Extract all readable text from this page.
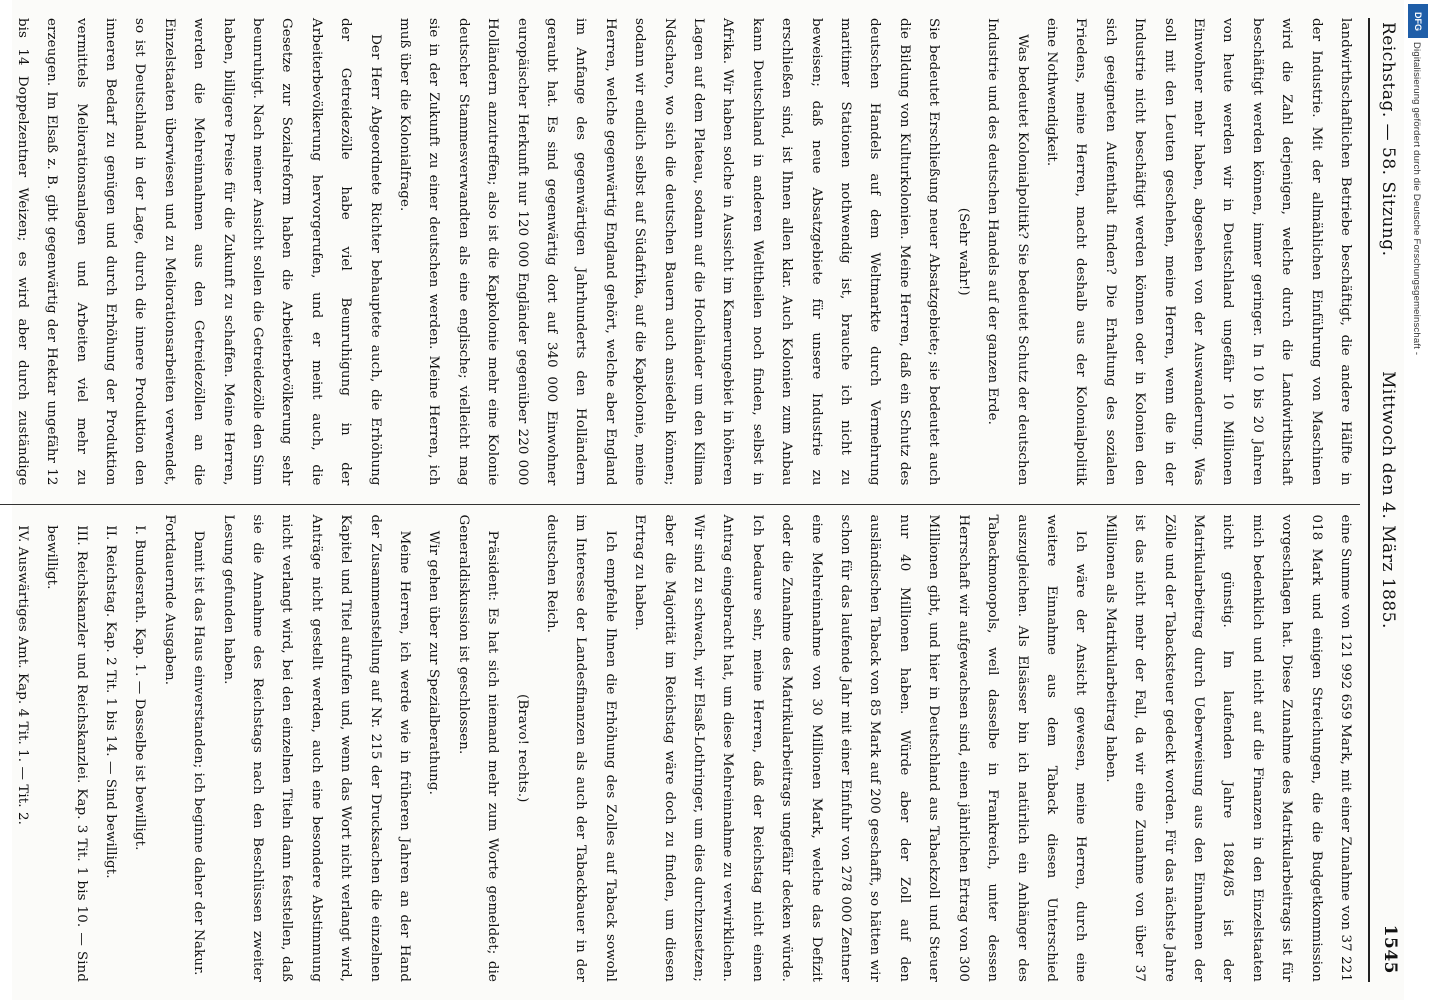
Reichstag. — 58. Sitzung.
Mittwoch den 4. März 1885.
1545

landwirthschaftlichen Betriebe beschäftigt, die andere Hälfte in der Industrie. Mit der allmählichen Einführung von Maschinen wird die Zahl derjenigen, welche durch die Landwirthschaft beschäftigt werden können, immer geringer. In 10 bis 20 Jahren von heute werden wir in Deutschland ungefähr 10 Millionen Einwohner mehr haben, abgesehen von der Auswanderung. Was soll mit den Leuten geschehen, meine Herren, wenn die in der Industrie nicht beschäftigt werden können oder in Kolonien den sich geeigneten Aufenthalt finden? Die Erhaltung des sozialen Friedens, meine Herren, macht deshalb aus der Kolonialpolitik eine Nothwendigkeit.

Was bedeutet Kolonialpolitik? Sie bedeutet Schutz der deutschen Industrie und des deutschen Handels auf der ganzen Erde.

(Sehr wahr!)

Sie bedeutet Erschließung neuer Absatzgebiete; sie bedeutet auch die Bildung von Kulturkolonien. Meine Herren, daß ein Schutz des deutschen Handels auf dem Weltmarkte durch Vermehrung maritimer Stationen nothwendig ist, brauche ich nicht zu beweisen; daß neue Absatzgebiete für unsere Industrie zu erschließen sind, ist Ihnen allen klar. Auch Kolonien zum Anbau kann Deutschland in anderen Welttheilen noch finden, selbst in Afrika. Wir haben solche in Aussicht im Kamerungebiet in höheren Lagen auf dem Plateau, sodann auf die Hochländer um den Kilima Ndscharo, wo sich die deutschen Bauern auch ansiedeln können; sodann wir endlich selbst auf Südafrika, auf die Kapkolonie, meine Herren, welche gegenwärtig England gehört, welche aber England im Anfange des gegenwärtigen Jahrhunderts den Holländern geraubt hat. Es sind gegenwärtig dort auf 340 000 Einwohner europäischer Herkunft nur 120 000 Engländer gegenüber 220 000 Holländern anzutreffen; also ist die Kapkolonie mehr eine Kolonie deutscher Stammesverwandten als eine englische; vielleicht mag sie in der Zukunft zu einer deutschen werden. Meine Herren, ich muß über die Kolonialfrage.

Der Herr Abgeordnete Richter behauptete auch, die Erhöhung der Getreidezölle habe viel Beunruhigung in der Arbeiterbevölkerung hervorgerufen, und er meint auch, die Gesetze zur Sozialreform haben die Arbeiterbevölkerung sehr beunruhigt. Nach meiner Ansicht sollen die Getreidezölle den Sinn haben, billigere Preise für die Zukunft zu schaffen. Meine Herren, werden die Mehreinnahmen aus den Getreidezöllen an die Einzelstaaten überwiesen und zu Meliorationsarbeiten verwendet, so ist Deutschland in der Lage, durch die innere Produktion den inneren Bedarf zu genügen und durch Erhöhung der Produktion vermittels Meliorationsanlagen und Arbeiten viel mehr zu erzeugen. Im Elsaß z. B. gibt gegenwärtig der Hektar ungefähr 12 bis 14 Doppelzentner Weizen; es wird aber durch zuständige

eine Summe von 121 992 659 Mark, mit einer Zunahme von 37 221 018 Mark und einigen Streichungen, die die Budgetkommission vorgeschlagen hat. Diese Zunahme des Matrikularbeitrags ist für mich bedenklich und nicht auf die Finanzen in den Einzelstaaten nicht günstig. Im laufenden Jahre 1884/85 ist der Matrikularbeitrag durch Ueberweisung aus den Einnahmen der Zölle und der Tabacksteuer gedeckt worden. Für das nächste Jahre ist das nicht mehr der Fall, da wir eine Zunahme von über 37 Millionen als Matrikularbeitrag haben.

Ich wäre der Ansicht gewesen, meine Herren, durch eine weitere Einnahme aus dem Taback diesen Unterschied auszugleichen. Als Elsässer bin ich natürlich ein Anhänger des Tabackmonopols, weil dasselbe in Frankreich, unter dessen Herrschaft wir aufgewachsen sind, einen jährlichen Ertrag von 300 Millionen gibt, und hier in Deutschland aus Tabackzoll und Steuer nur 40 Millionen haben. Würde aber der Zoll auf den ausländischen Taback von 85 Mark auf 200 geschafft, so hätten wir schon für das laufende Jahr mit einer Einfuhr von 278 000 Zentner eine Mehreinnahme von 30 Millionen Mark, welche das Defizit oder die Zunahme des Matrikularbeitrags ungefähr decken würde. Ich bedaure sehr, meine Herren, daß der Reichstag nicht einen Antrag eingebracht hat, um diese Mehreinnahme zu verwirklichen. Wir sind zu schwach, wir Elsaß-Lothringer, um dies durchzusetzen; aber die Majorität im Reichstag wäre doch zu finden, um diesen Ertrag zu haben.

Ich empfehle Ihnen die Erhöhung des Zolles auf Taback sowohl im Interesse der Landesfinanzen als auch der Tabackbauer in der deutschen Reich.

(Bravo! rechts.)

Präsident: Es hat sich niemand mehr zum Worte gemeldet; die Generaldiskussion ist geschlossen.

Wir gehen über zur Spezialberathung.

Meine Herren, ich werde wie in früheren Jahren an der Hand der Zusammenstellung auf Nr. 215 der Drucksachen die einzelnen Kapitel und Titel aufrufen und, wenn das Wort nicht verlangt wird, Anträge nicht gestellt werden, auch eine besondere Abstimmung nicht verlangt wird, bei den einzelnen Titeln dann feststellen, daß sie die Annahme des Reichstags nach den Beschlüssen zweiter Lesung gefunden haben.

Damit ist das Haus einverstanden; ich beginne daher der Nakur.

Fortdauernde Ausgaben.

I. Bundesrath. Kap. 1. — Dasselbe ist bewilligt.

II. Reichstag. Kap. 2 Tit. 1 bis 14. — Sind bewilligt.

III. Reichskanzler und Reichskanzlei. Kap. 3 Tit. 1 bis 10. — Sind bewilligt.

IV. Auswärtiges Amt. Kap. 4 Tit. 1. — Tit. 2.

DFG
Digitalisierung gefördert durch die Deutsche Forschungsgemeinschaft -
